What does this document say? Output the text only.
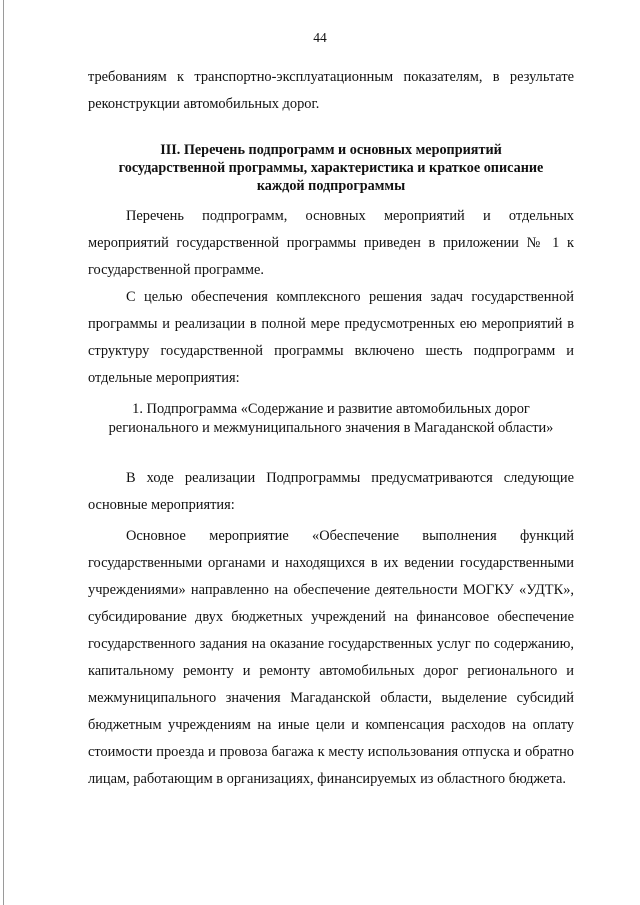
44

требованиям к транспортно-эксплуатационным показателям, в результате реконструкции автомобильных дорог.

III. Перечень подпрограмм и основных мероприятий
государственной программы, характеристика и краткое описание
каждой подпрограммы

Перечень подпрограмм, основных мероприятий и отдельных мероприятий государственной программы приведен в приложении № 1 к государственной программе.

С целью обеспечения комплексного решения задач государственной программы и реализации в полной мере предусмотренных ею мероприятий в структуру государственной программы включено шесть подпрограмм и отдельные мероприятия:

1. Подпрограмма «Содержание и развитие автомобильных дорог
регионального и межмуниципального значения в Магаданской области»

В ходе реализации Подпрограммы предусматриваются следующие основные мероприятия:

Основное мероприятие «Обеспечение выполнения функций государственными органами и находящихся в их ведении государственными учреждениями» направленно на обеспечение деятельности МОГКУ «УДТК», субсидирование двух бюджетных учреждений на финансовое обеспечение государственного задания на оказание государственных услуг по содержанию, капитальному ремонту и ремонту автомобильных дорог регионального и межмуниципального значения Магаданской области, выделение субсидий бюджетным учреждениям на иные цели и компенсация расходов на оплату стоимости проезда и провоза багажа к месту использования отпуска и обратно лицам, работающим в организациях, финансируемых из областного бюджета.
